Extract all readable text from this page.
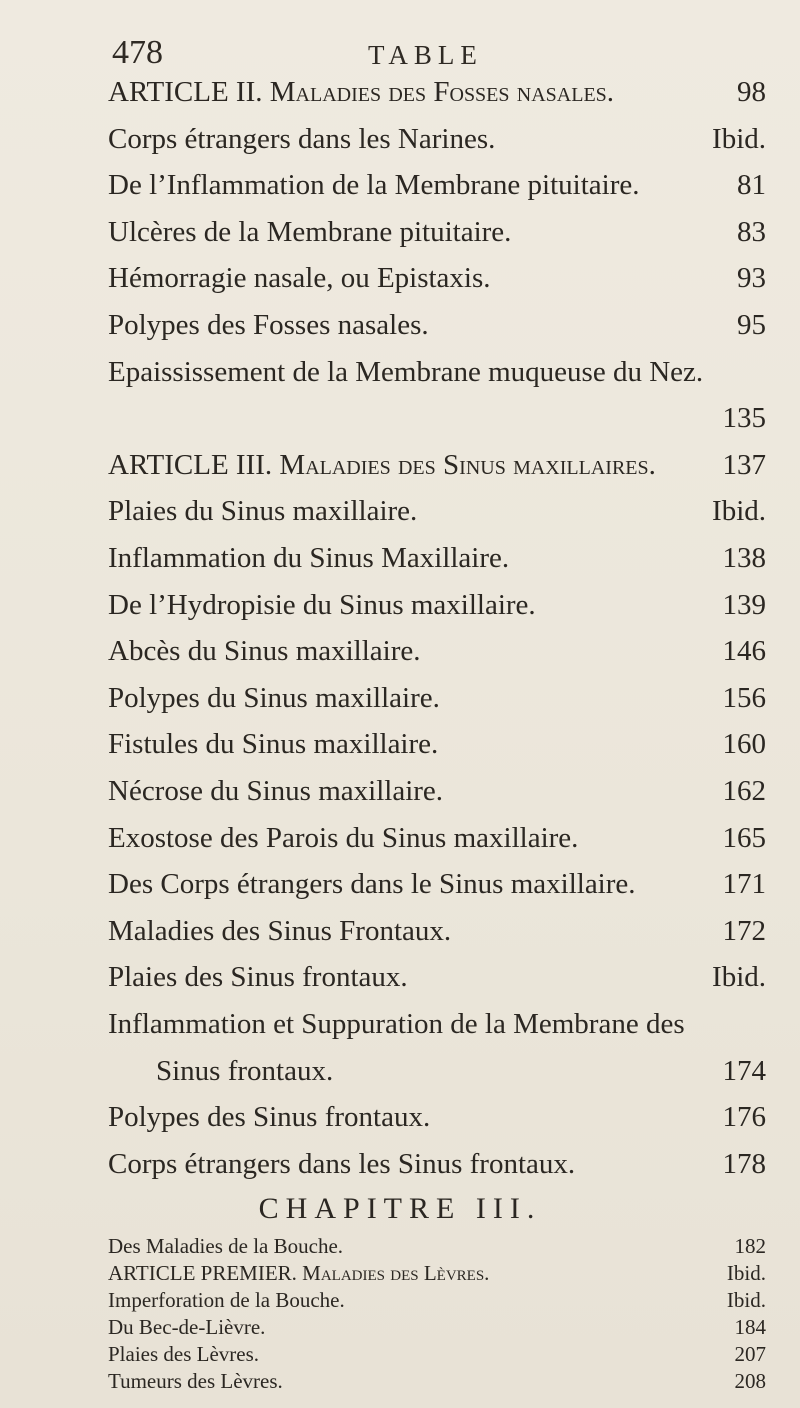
478	TABLE
ARTICLE II. Maladies des Fosses nasales.	98
Corps étrangers dans les Narines.	Ibid.
De l’Inflammation de la Membrane pituitaire.	81
Ulcères de la Membrane pituitaire.	83
Hémorragie nasale, ou Epistaxis.	93
Polypes des Fosses nasales.	95
Epaississement de la Membrane muqueuse du Nez.
135
ARTICLE III. Maladies des Sinus maxillaires. 137
Plaies du Sinus maxillaire.	Ibid.
Inflammation du Sinus Maxillaire.	138
De l’Hydropisie du Sinus maxillaire.	139
Abcès du Sinus maxillaire.	146
Polypes du Sinus maxillaire.	156
Fistules du Sinus maxillaire.	160
Nécrose du Sinus maxillaire.	162
Exostose des Parois du Sinus maxillaire.	165
Des Corps étrangers dans le Sinus maxillaire.	171
Maladies des Sinus Frontaux.	172
Plaies des Sinus frontaux.	Ibid.
Inflammation et Suppuration de la Membrane des
Sinus frontaux.	174
Polypes des Sinus frontaux.	176
Corps étrangers dans les Sinus frontaux.	178
CHAPITRE III.
Des Maladies de la Bouche.	182
ARTICLE PREMIER. Maladies des Lèvres.	Ibid.
Imperforation de la Bouche.	Ibid.
Du Bec-de-Lièvre.	184
Plaies des Lèvres.	207
Tumeurs des Lèvres.	208
